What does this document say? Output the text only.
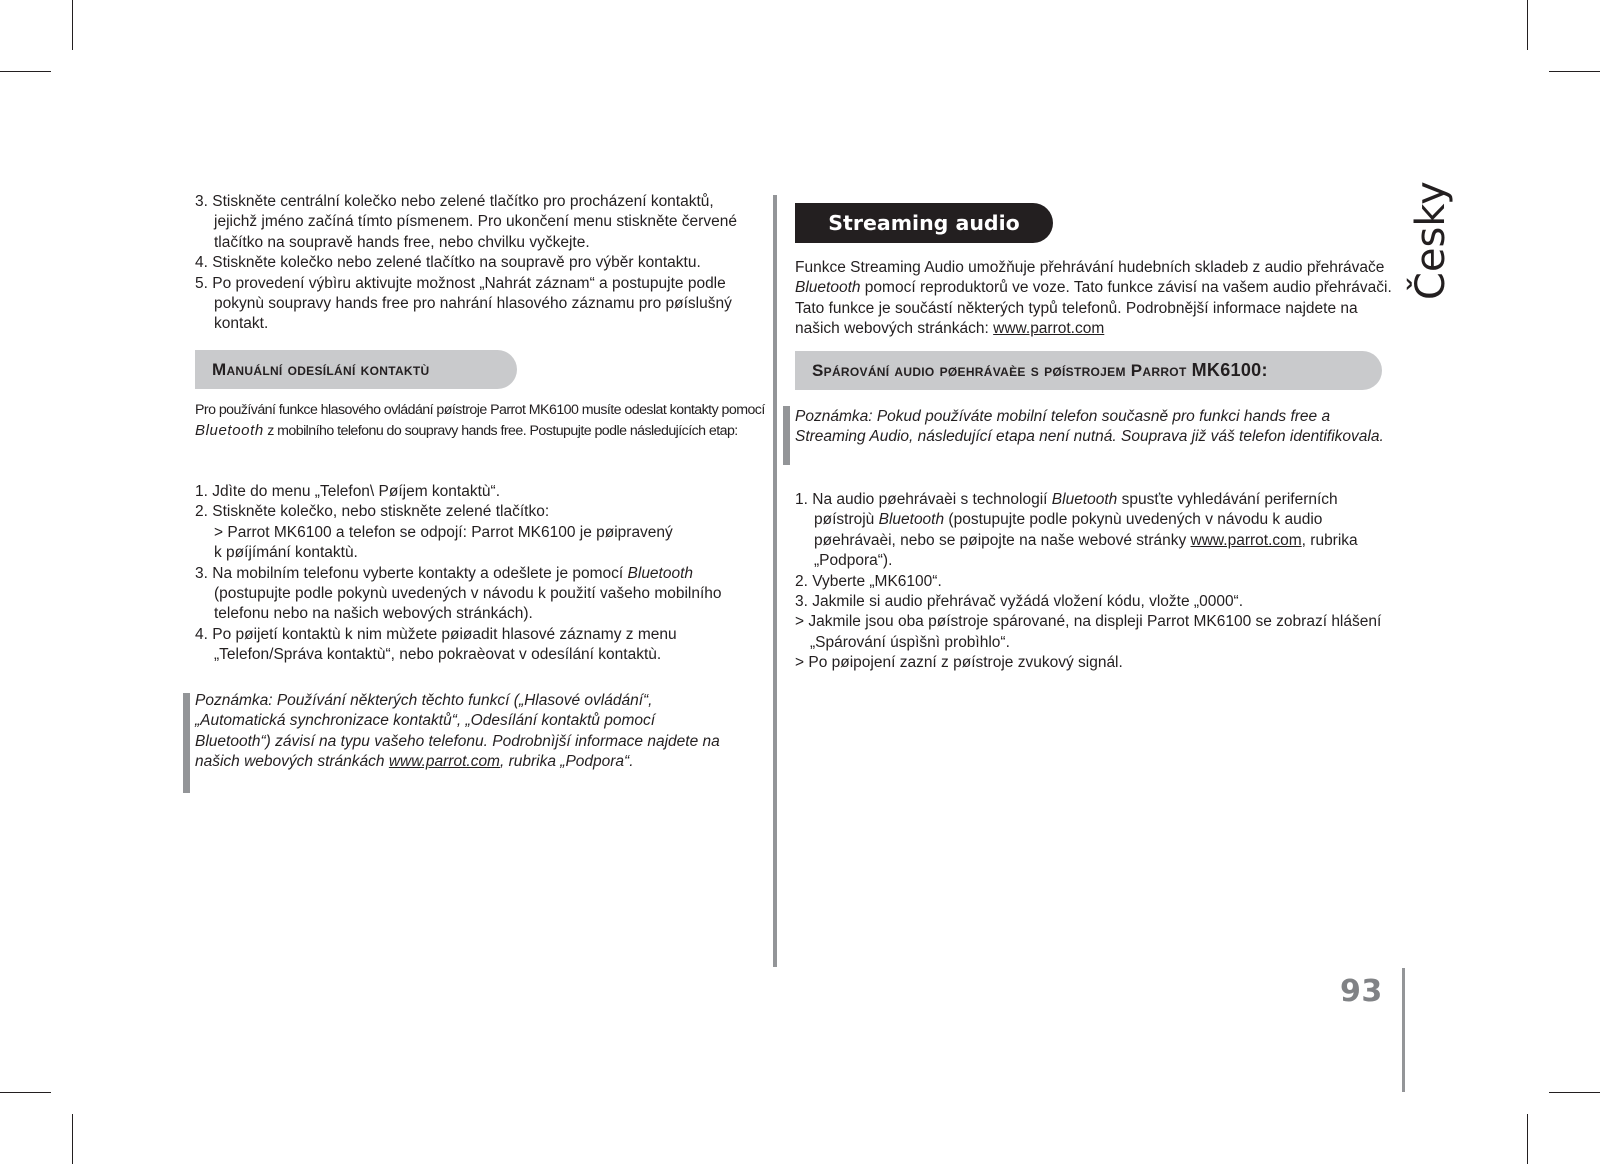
3. Stiskněte centrální kolečko nebo zelené tlačítko pro procházení kontaktů, jejichž jméno začíná tímto písmenem. Pro ukončení menu stiskněte červené tlačítko na soupravě hands free, nebo chvilku vyčkejte.

4. Stiskněte kolečko nebo zelené tlačítko na soupravě pro výběr kontaktu.

5. Po provedení výbìru aktivujte možnost „Nahrát záznam“ a postupujte podle pokynù soupravy hands free pro nahrání hlasového záznamu pro pøíslušný kontakt.

Manuální odesílání kontaktù
Pro používání funkce hlasového ovládání pøístroje Parrot MK6100 musíte odeslat kontakty pomocí Bluetooth z mobilního telefonu do soupravy hands free. Postupujte podle následujících etap:

1. Jdìte do menu „Telefon\ Pøíjem kontaktù“.

2. Stiskněte kolečko, nebo stiskněte zelené tlačítko:

> Parrot MK6100 a telefon se odpojí: Parrot MK6100 je pøipravený

k pøíjímání kontaktù.

3. Na mobilním telefonu vyberte kontakty a odešlete je pomocí Bluetooth (postupujte podle pokynù uvedených v návodu k použití vašeho mobilního telefonu nebo na našich webových stránkách).

4. Po pøijetí kontaktù k nim mùžete pøiøadit hlasové záznamy z menu „Telefon/Správa kontaktù“, nebo pokraèovat v odesílání kontaktù.

Poznámka: Používání některých těchto funkcí („Hlasové ovládání“, „Automatická synchronizace kontaktů“, „Odesílání kontaktů pomocí Bluetooth“) závisí na typu vašeho telefonu. Podrobnìjší informace najdete na našich webových stránkách www.parrot.com, rubrika „Podpora“.
Streaming audio
Funkce Streaming Audio umožňuje přehrávání hudebních skladeb z audio přehrávače Bluetooth pomocí reproduktorů ve voze. Tato funkce závisí na vašem audio přehrávači. Tato funkce je součástí některých typů telefonů. Podrobnější informace najdete na našich webových stránkách: www.parrot.com
Spárování audio pøehrávaèe s pøístrojem Parrot MK6100:
Poznámka: Pokud používáte mobilní telefon současně pro funkci hands free a Streaming Audio, následující etapa není nutná. Souprava již váš telefon identifikovala.

1. Na audio pøehrávaèi s technologií Bluetooth spusťte vyhledávání periferních pøístrojù Bluetooth (postupujte podle pokynù uvedených v návodu k audio pøehrávaèi, nebo se pøipojte na naše webové stránky www.parrot.com, rubrika „Podpora“).

2. Vyberte „MK6100“.

3. Jakmile si audio přehrávač vyžádá vložení kódu, vložte „0000“.

> Jakmile jsou oba pøístroje spárované, na displeji Parrot MK6100 se zobrazí hlášení „Spárování úspìšnì probìhlo“.

> Po pøipojení zazní z pøístroje zvukový signál.

Česky
93
